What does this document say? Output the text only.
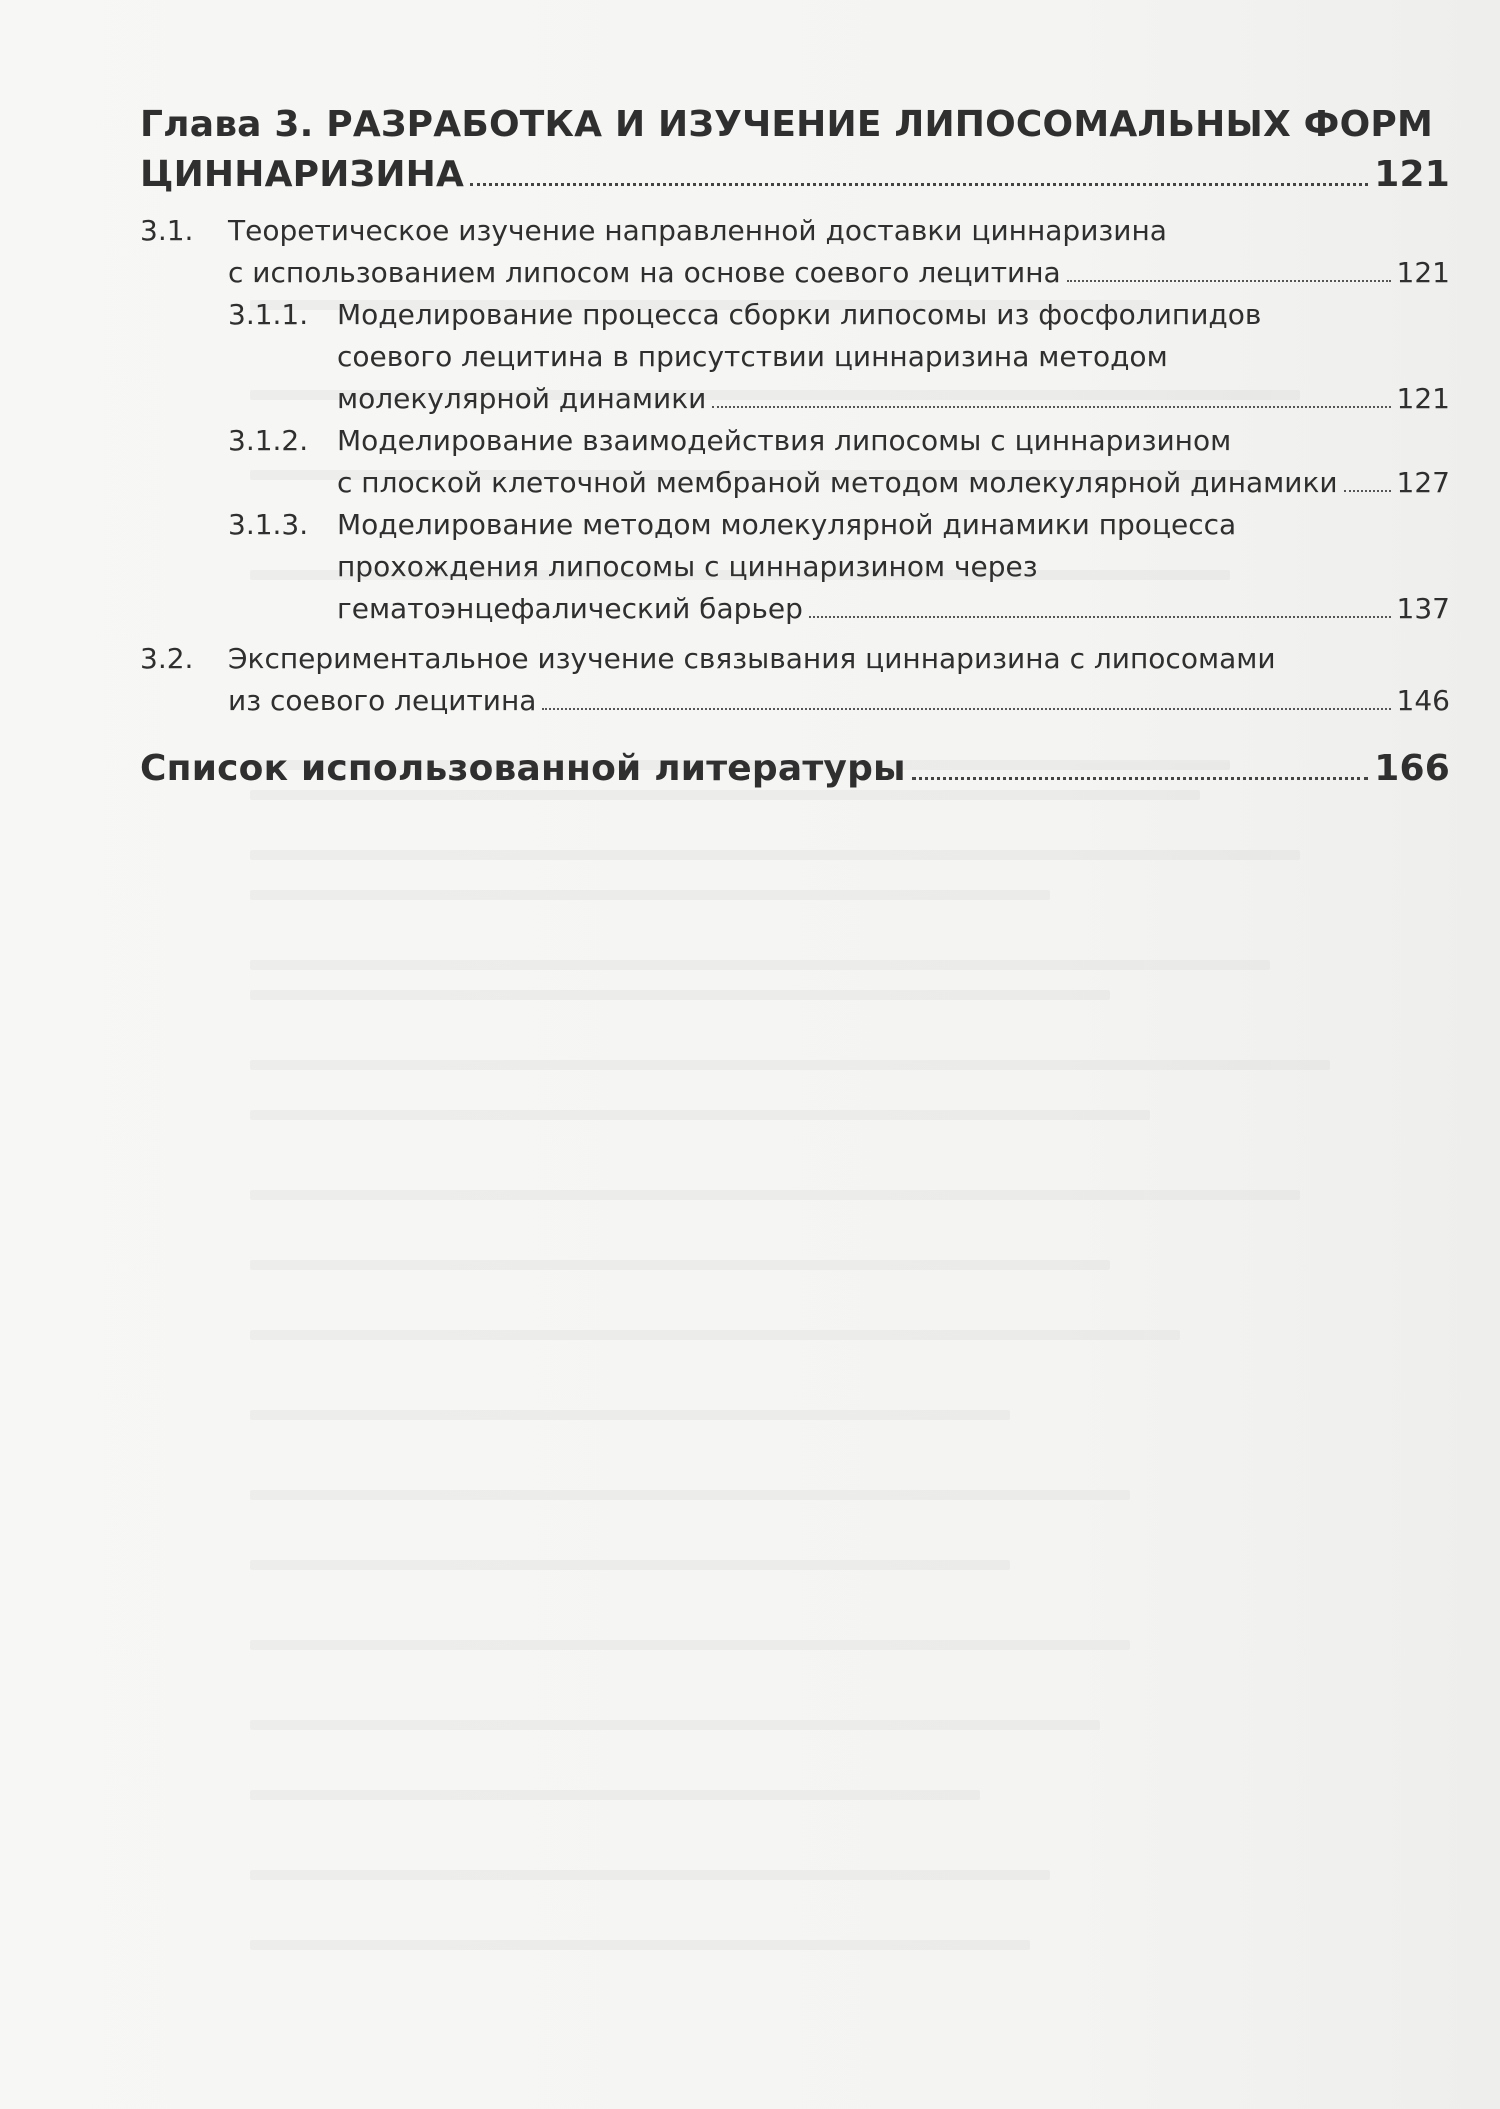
Глава 3. РАЗРАБОТКА И ИЗУЧЕНИЕ ЛИПОСОМАЛЬНЫХ ФОРМ
ЦИННАРИЗИНА	121
3.1.	Теоретическое изучение направленной доставки циннаризина
с использованием липосом на основе соевого лецитина	121
3.1.1.	Моделирование процесса сборки липосомы из фосфолипидов
соевого лецитина в присутствии циннаризина методом
молекулярной динамики	121
3.1.2.	Моделирование взаимодействия липосомы с циннаризином
с плоской клеточной мембраной методом молекулярной динамики 127
3.1.3.	Моделирование методом молекулярной динамики процесса
прохождения липосомы с циннаризином через
гематоэнцефалический барьер	137
3.2.	Экспериментальное изучение связывания циннаризина с липосомами
из соевого лецитина	146
Список использованной литературы	166
